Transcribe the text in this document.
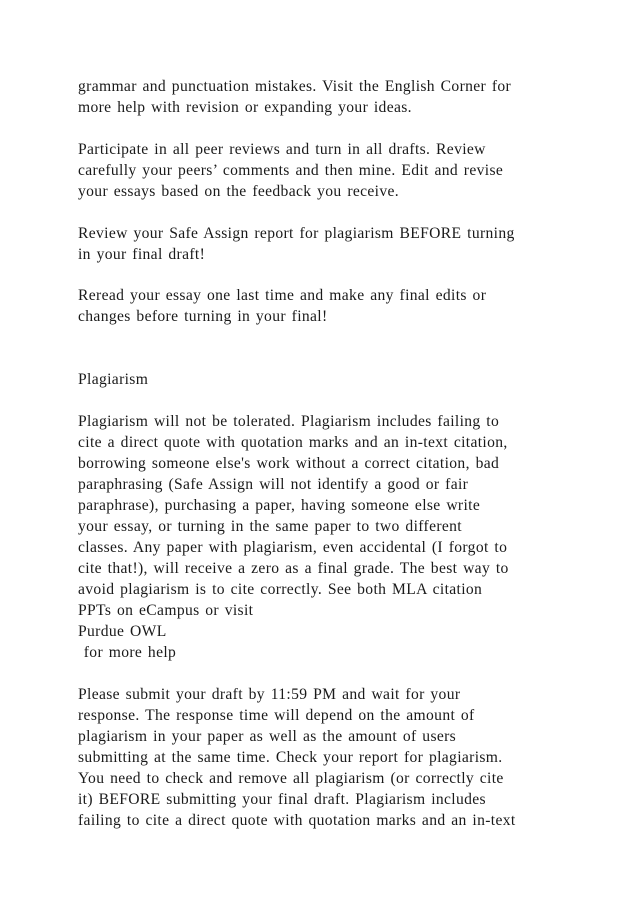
grammar and punctuation mistakes. Visit the English Corner for
more help with revision or expanding your ideas.
Participate in all peer reviews and turn in all drafts. Review
carefully your peers’ comments and then mine. Edit and revise
your essays based on the feedback you receive.
Review your Safe Assign report for plagiarism BEFORE turning
in your final draft!
Reread your essay one last time and make any final edits or
changes before turning in your final!
Plagiarism
Plagiarism will not be tolerated. Plagiarism includes failing to
cite a direct quote with quotation marks and an in-text citation,
borrowing someone else's work without a correct citation, bad
paraphrasing (Safe Assign will not identify a good or fair
paraphrase), purchasing a paper, having someone else write
your essay, or turning in the same paper to two different
classes. Any paper with plagiarism, even accidental (I forgot to
cite that!), will receive a zero as a final grade. The best way to
avoid plagiarism is to cite correctly. See both MLA citation
PPTs on eCampus or visit
Purdue OWL
for more help
Please submit your draft by 11:59 PM and wait for your
response. The response time will depend on the amount of
plagiarism in your paper as well as the amount of users
submitting at the same time. Check your report for plagiarism.
You need to check and remove all plagiarism (or correctly cite
it) BEFORE submitting your final draft. Plagiarism includes
failing to cite a direct quote with quotation marks and an in-text
